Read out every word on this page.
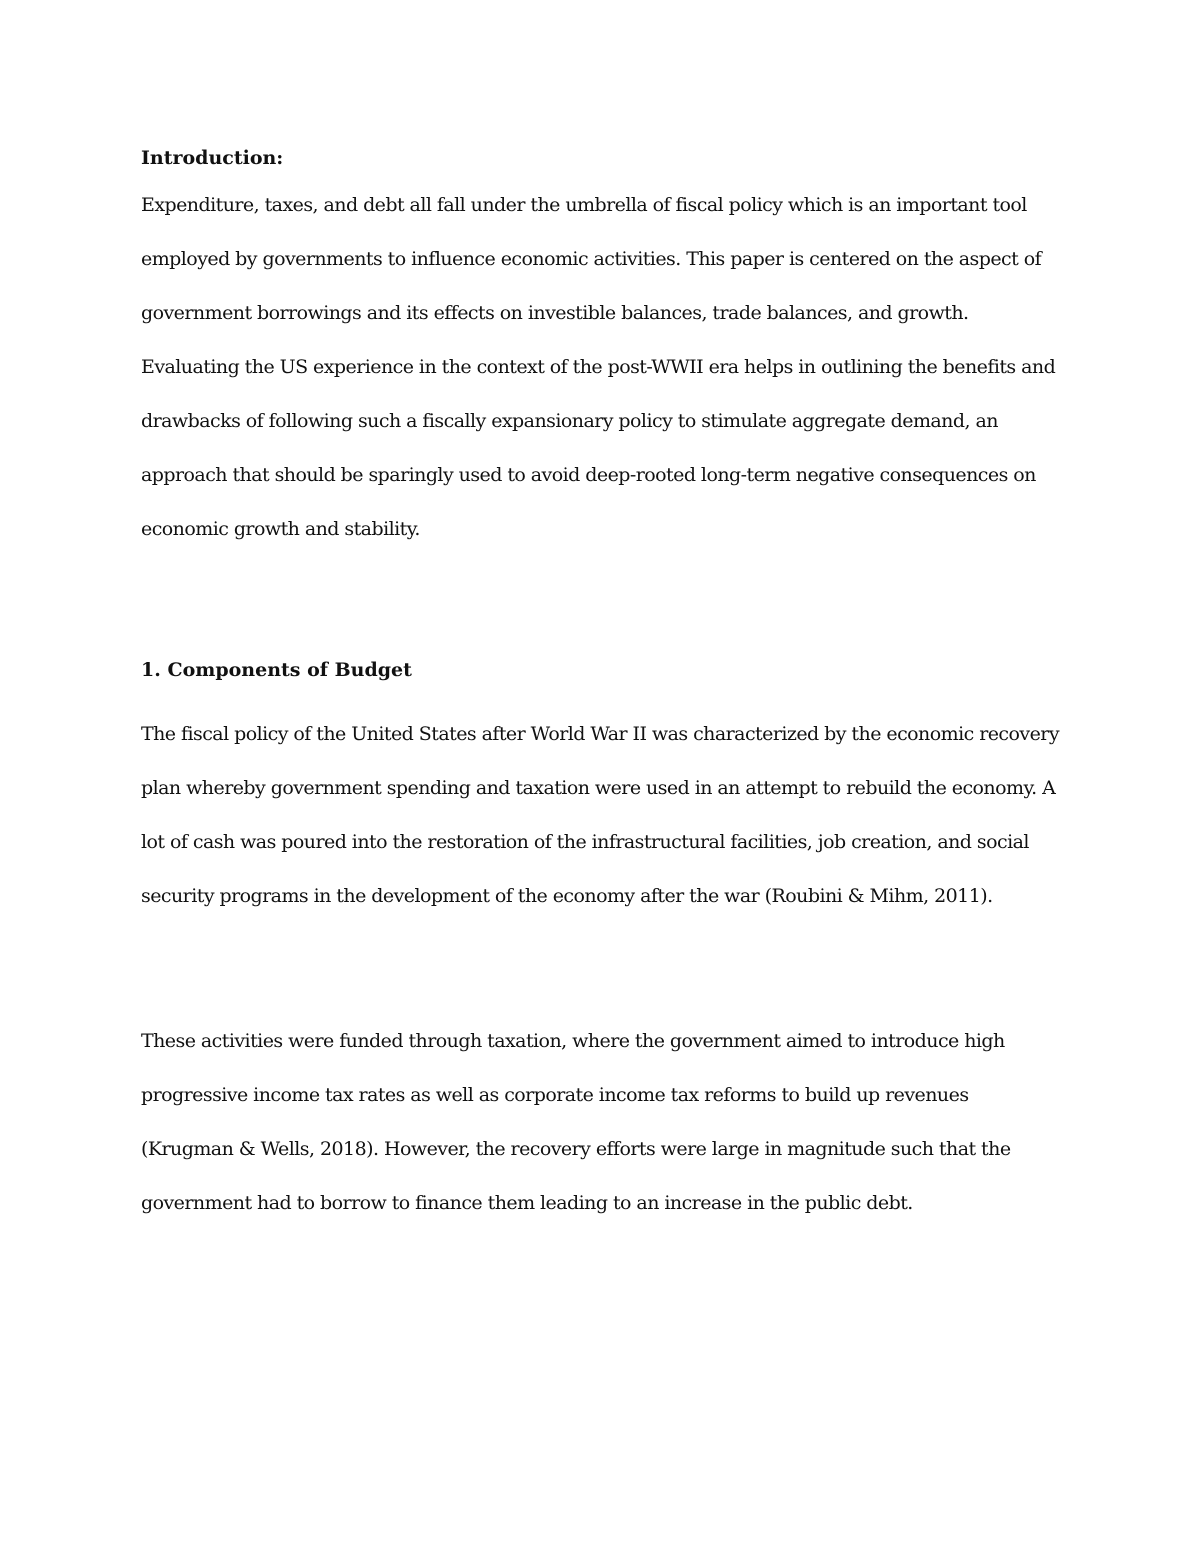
Introduction:

Expenditure, taxes, and debt all fall under the umbrella of fiscal policy which is an important tool employed by governments to influence economic activities. This paper is centered on the aspect of government borrowings and its effects on investible balances, trade balances, and growth. Evaluating the US experience in the context of the post-WWII era helps in outlining the benefits and drawbacks of following such a fiscally expansionary policy to stimulate aggregate demand, an approach that should be sparingly used to avoid deep-rooted long-term negative consequences on economic growth and stability.

1. Components of Budget

The fiscal policy of the United States after World War II was characterized by the economic recovery plan whereby government spending and taxation were used in an attempt to rebuild the economy. A lot of cash was poured into the restoration of the infrastructural facilities, job creation, and social security programs in the development of the economy after the war (Roubini & Mihm, 2011).

These activities were funded through taxation, where the government aimed to introduce high progressive income tax rates as well as corporate income tax reforms to build up revenues (Krugman & Wells, 2018). However, the recovery efforts were large in magnitude such that the government had to borrow to finance them leading to an increase in the public debt.
